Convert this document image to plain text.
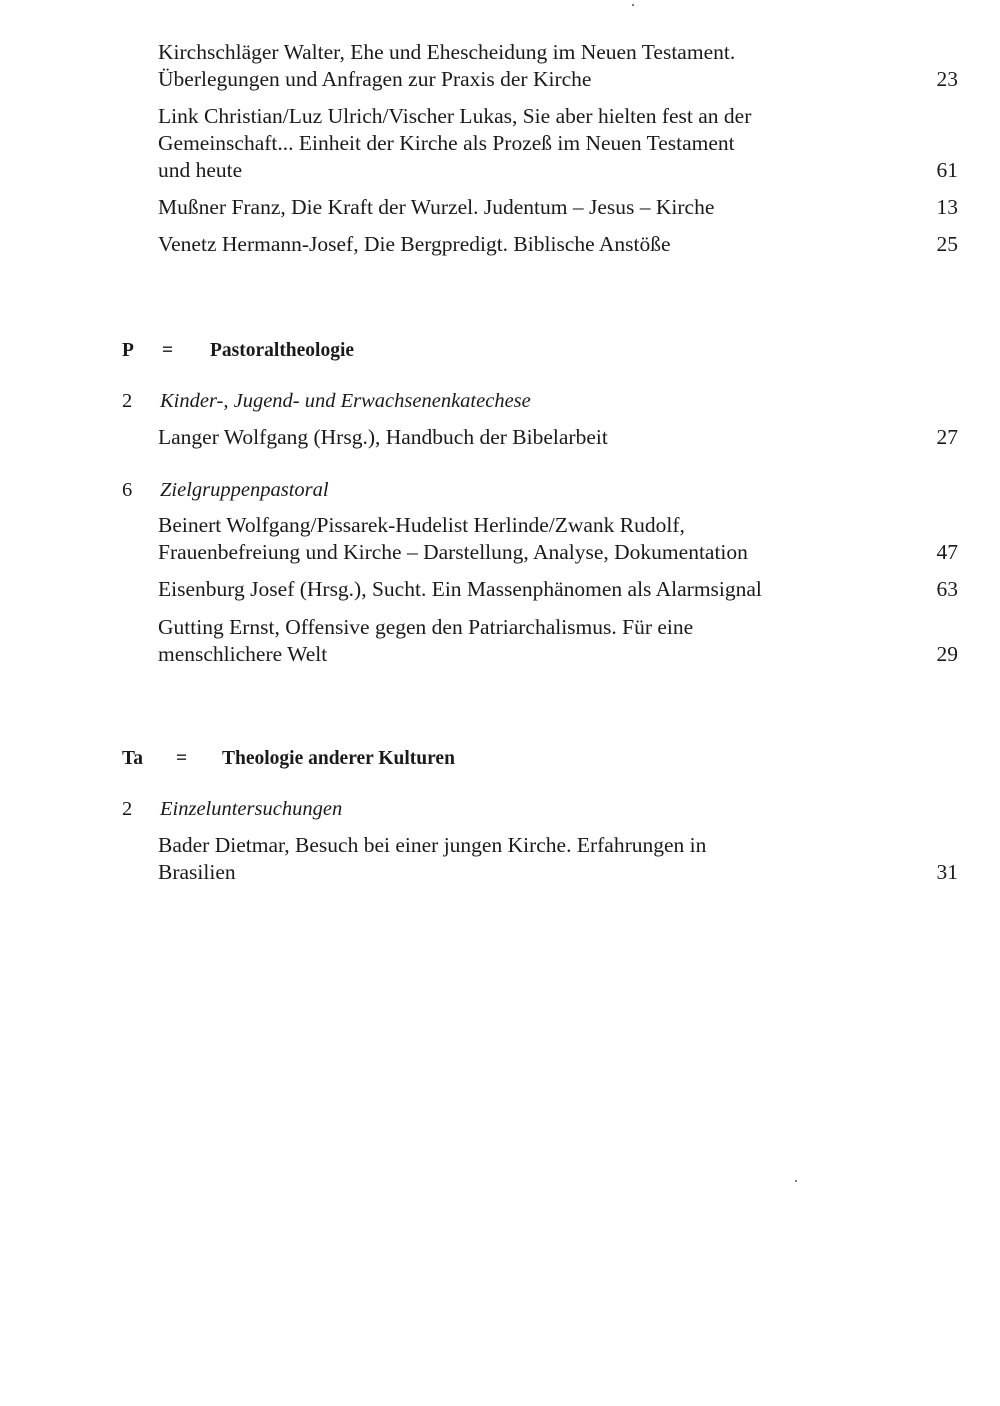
Kirchschläger Walter, Ehe und Ehescheidung im Neuen Testament.
Überlegungen und Anfragen zur Praxis der Kirche	23
Link Christian/Luz Ulrich/Vischer Lukas, Sie aber hielten fest an der
Gemeinschaft... Einheit der Kirche als Prozeß im Neuen Testament
und heute	61
Mußner Franz, Die Kraft der Wurzel. Judentum – Jesus – Kirche	13
Venetz Hermann-Josef, Die Bergpredigt. Biblische Anstöße	25
P = Pastoraltheologie
2 Kinder-, Jugend- und Erwachsenenkatechese
Langer Wolfgang (Hrsg.), Handbuch der Bibelarbeit	27
6 Zielgruppenpastoral
Beinert Wolfgang/Pissarek-Hudelist Herlinde/Zwank Rudolf,
Frauenbefreiung und Kirche – Darstellung, Analyse, Dokumentation	47
Eisenburg Josef (Hrsg.), Sucht. Ein Massenphänomen als Alarmsignal	63
Gutting Ernst, Offensive gegen den Patriarchalismus. Für eine
menschlichere Welt	29
Ta = Theologie anderer Kulturen
2 Einzeluntersuchungen
Bader Dietmar, Besuch bei einer jungen Kirche. Erfahrungen in
Brasilien	31
